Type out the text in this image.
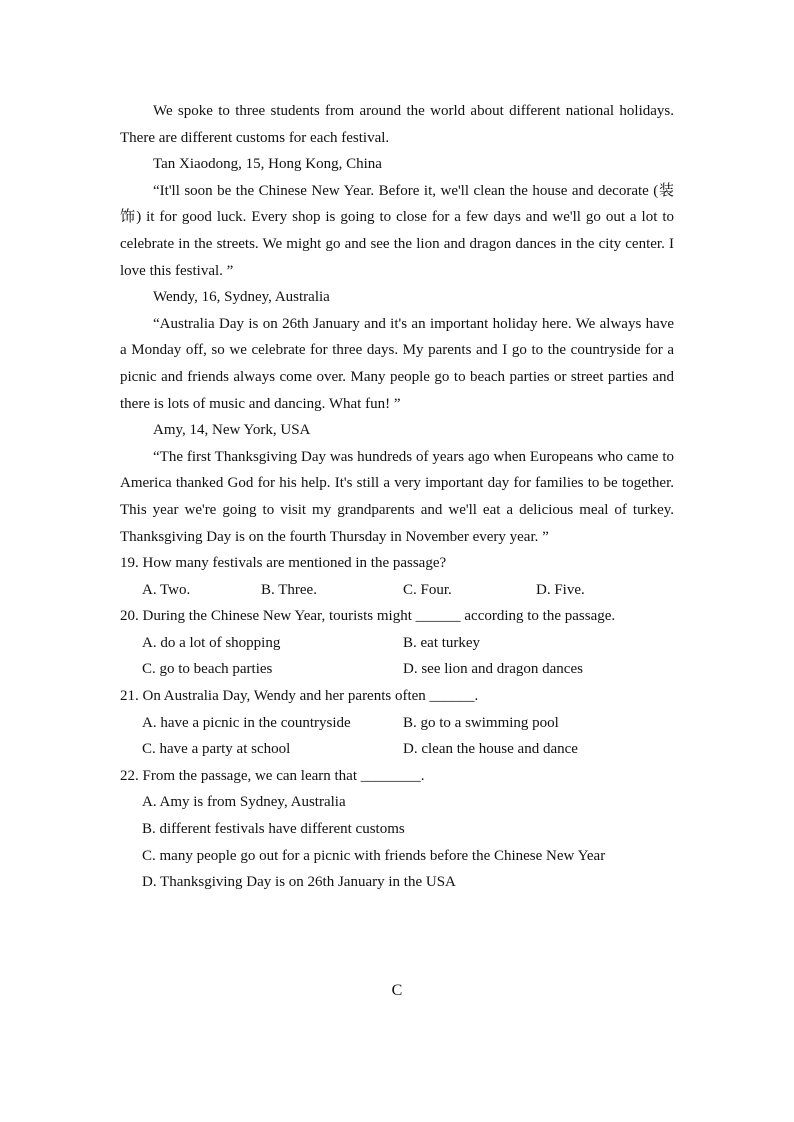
We spoke to three students from around the world about different national holidays. There are different customs for each festival.

Tan Xiaodong, 15, Hong Kong, China

“It'll soon be the Chinese New Year. Before it, we'll clean the house and decorate (装饰) it for good luck. Every shop is going to close for a few days and we'll go out a lot to celebrate in the streets. We might go and see the lion and dragon dances in the city center. I love this festival. ”

Wendy, 16, Sydney, Australia

“Australia Day is on 26th January and it's an important holiday here. We always have a Monday off, so we celebrate for three days. My parents and I go to the countryside for a picnic and friends always come over. Many people go to beach parties or street parties and there is lots of music and dancing. What fun! ”

Amy, 14, New York, USA

“The first Thanksgiving Day was hundreds of years ago when Europeans who came to America thanked God for his help. It's still a very important day for families to be together. This year we're going to visit my grandparents and we'll eat a delicious meal of turkey. Thanksgiving Day is on the fourth Thursday in November every year. ”

19. How many festivals are mentioned in the passage?

A. Two.	B. Three.	C. Four.	D. Five.

20. During the Chinese New Year, tourists might ______ according to the passage.

A. do a lot of shopping	B. eat turkey
C. go to beach parties	D. see lion and dragon dances

21. On Australia Day, Wendy and her parents often ______.

A. have a picnic in the countryside	B. go to a swimming pool
C. have a party at school	D. clean the house and dance

22. From the passage, we can learn that ________.

A. Amy is from Sydney, Australia
B. different festivals have different customs
C. many people go out for a picnic with friends before the Chinese New Year
D. Thanksgiving Day is on 26th January in the USA
C
